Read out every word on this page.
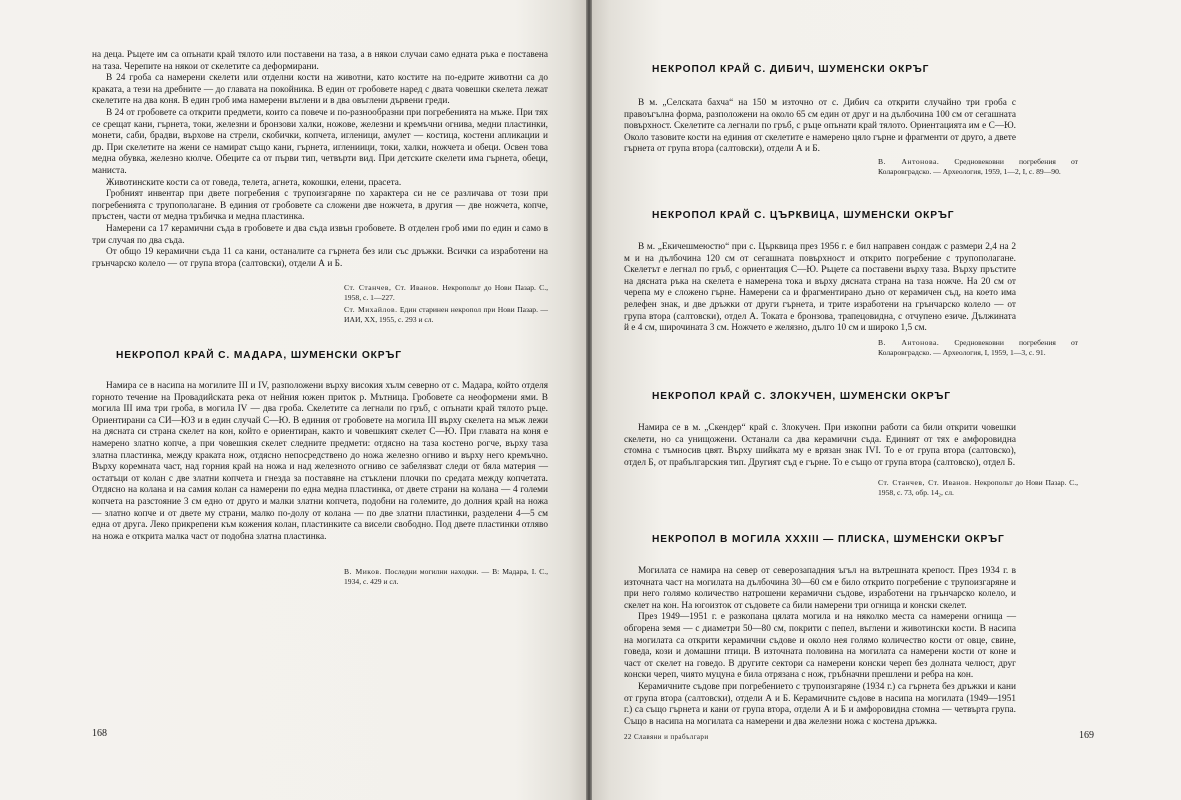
на деца. Ръцете им са опънати край тялото или поставени на таза, а в някои случаи само едната ръка е поставена на таза. Черепите на някои от скелетите са деформирани.

В 24 гроба са намерени скелети или отделни кости на животни, като костите на по-едрите животни са до краката, а тези на дребните — до главата на покойника. В един от гробовете наред с двата човешки скелета лежат скелетите на два коня. В един гроб има намерени въглени и в два овъглени дървени греди.

В 24 от гробовете са открити предмети, които са повече и по-разнообразни при погребенията на мъже. При тях се срещат кани, гърнета, токи, железни и бронзови халки, ножове, железни и кремъчни огнива, медни пластинки, монети, саби, брадви, върхове на стрели, скобички, копчета, игленици, амулет — костица, костени апликации и др. При скелетите на жени се намират също кани, гърнета, иглениици, токи, халки, ножчета и обеци. Освен това медна обувка, железно кюлче. Обеците са от първи тип, четвърти вид. При детските скелети има гърнета, обеци, маниста.

Животинските кости са от говеда, телета, агнета, кокошки, елени, прасета.

Гробният инвентар при двете погребения с трупоизгаряне по характера си не се различава от този при погребенията с трупополагане. В единия от гробовете са сложени две ножчета, в другия — две ножчета, копче, пръстен, части от медна тръбичка и медна пластинка.

Намерени са 17 керамични съда в гробовете и два съда извън гробовете. В отделен гроб ими по един и само в три случая по два съда.

От общо 19 керамични съда 11 са кани, останалите са гърнета без или със дръжки. Всички са изработени на грънчарско колело — от група втора (салтовски), отдели А и Б.

Ст. Станчев, Ст. Иванов. Некропольт до Нови Пазар. С., 1958, с. 1—227.
Ст. Михайлов. Един старинен некропол при Нови Пазар. — ИАИ, XX, 1955, с. 293 и сл.
НЕКРОПОЛ КРАЙ С. МАДАРА, ШУМЕНСКИ ОКРЪГ

Намира се в насипа на могилите III и IV, разположени върху високия хълм северно от с. Мадара, който отделя горното течение на Провадийската река от нейния южен приток р. Мътница. Гробовете са неоформени ями. В могила III има три гроба, в могила IV — два гроба. Скелетите са легнали по гръб, с опънати край тялото ръце. Ориентирани са СИ—ЮЗ и в един случай С—Ю. В единия от гробовете на могила III върху скелета на мъж лежи на дясната си страна скелет на кон, който е ориентиран, както и човешкият скелет С—Ю. При главата на коня е намерено златно копче, а при човешкия скелет следните предмети: отдясно на таза костено рогче, върху таза златна пластинка, между краката нож, отдясно непосредствено до ножа железно огниво и върху него кремъчно. Върху коремната част, над горния край на ножа и над железното огниво се забелязват следи от бяла материя — остатъци от колан с две златни копчета и гнезда за поставяне на стъклени плочки по средата между копчетата. Отдясно на колана и на самия колан са намерени по една медна пластинка, от двете страни на колана — 4 големи копчета на разстояние 3 см едно от друго и малки златни копчета, подобни на големите, до долния край на ножа — златно копче и от двете му страни, малко по-долу от колана — по две златни пластинки, разделени 4—5 см една от друга. Леко прикрепени към кожения колан, пластинките са висели свободно. Под двете пластинки отляво на ножа е открита малка част от подобна златна пластинка.

В. Миков. Последни могилни находки. — В: Мадара, I. С., 1934, с. 429 и сл.
168
НЕКРОПОЛ КРАЙ С. ДИБИЧ, ШУМЕНСКИ ОКРЪГ

В м. „Селската бахча“ на 150 м източно от с. Дибич са открити случайно три гроба с правоъгълна форма, разположени на около 65 см един от друг и на дълбочина 100 см от сегашната повърхност. Скелетите са легнали по гръб, с ръце опънати край тялото. Ориентацията им е С—Ю. Около тазовите кости на единия от скелетите е намерено цяло гърне и фрагменти от друго, а двете гърнета от група втора (салтовски), отдели А и Б.

В. Антонова. Средновековни погребения от Коларовградско. — Археология, 1959, 1—2, I, с. 89—90.
НЕКРОПОЛ КРАЙ С. ЦЪРКВИЦА, ШУМЕНСКИ ОКРЪГ

В м. „Екичешмеюстю“ при с. Църквица през 1956 г. е бил направен сондаж с размери 2,4 на 2 м и на дълбочина 120 см от сегашната повърхност и открито погребение с трупополагане. Скелетът е легнал по гръб, с ориентация С—Ю. Ръцете са поставени върху таза. Върху пръстите на дясната ръка на скелета е намерена тока и върху дясната страна на таза ножче. На 20 см от черепа му е сложено гърне. Намерени са и фрагментирано дъно от керамичен съд, на което има релефен знак, и две дръжки от други гърнета, и трите изработени на грънчарско колело — от група втора (салтовски), отдел А. Токата е бронзова, трапецовидна, с отчупено езиче. Дължината й е 4 см, широчината 3 см. Ножчето е желязно, дълго 10 см и широко 1,5 см.

В. Антонова. Средновековни погребения от Коларовградско. — Археология, I, 1959, 1—3, с. 91.
НЕКРОПОЛ КРАЙ С. ЗЛОКУЧЕН, ШУМЕНСКИ ОКРЪГ

Намира се в м. „Скендер“ край с. Злокучен. При изкопни работи са били открити човешки скелети, но са унищожени. Останали са два керамични съда. Единият от тях е амфоровидна стомна с тъмносив цвят. Върху шийката му е врязан знак IVI. То е от група втора (салтовско), отдел Б, от прабългарския тип. Другият съд е гърне. То е също от група втора (салтовско), отдел Б.

Ст. Станчев, Ст. Иванов. Некропольт до Нови Пазар. С., 1958, с. 73, обр. 14₂, сл.
НЕКРОПОЛ В МОГИЛА XXXIII — ПЛИСКА, ШУМЕНСКИ ОКРЪГ

Могилата се намира на север от северозападния ъгъл на вътрешната крепост. През 1934 г. в източната част на могилата на дълбочина 30—60 см е било открито погребение с трупоизгаряне и при него голямо количество натрошени керамични съдове, изработени на грънчарско колело, и скелет на кон. На югоизток от съдовете са били намерени три огнища и конски скелет.

През 1949—1951 г. е разкопана цялата могила и на няколко места са намерени огнища — обгорена земя — с диаметри 50—80 см, покрити с пепел, въглени и животински кости. В насипа на могилата са открити керамични съдове и около нея голямо количество кости от овце, свине, говеда, кози и домашни птици. В източната половина на могилата са намерени кости от коне и част от скелет на говедо. В другите сектори са намерени конски череп без долната челюст, друг конски череп, чиято муцуна е била отрязана с нож, гръбначни прешлени и ребра на кон.

Керамичните съдове при погребението с трупоизгаряне (1934 г.) са гърнета без дръжки и кани от група втора (салтовски), отдели А и Б. Керамичните съдове в насипа на могилата (1949—1951 г.) са също гърнета и кани от група втора, отдели А и Б и амфоровидна стомна — четвърта група. Също в насипа на могилата са намерени и два железни ножа с костена дръжка.

22 Славяни и прабългари	169
